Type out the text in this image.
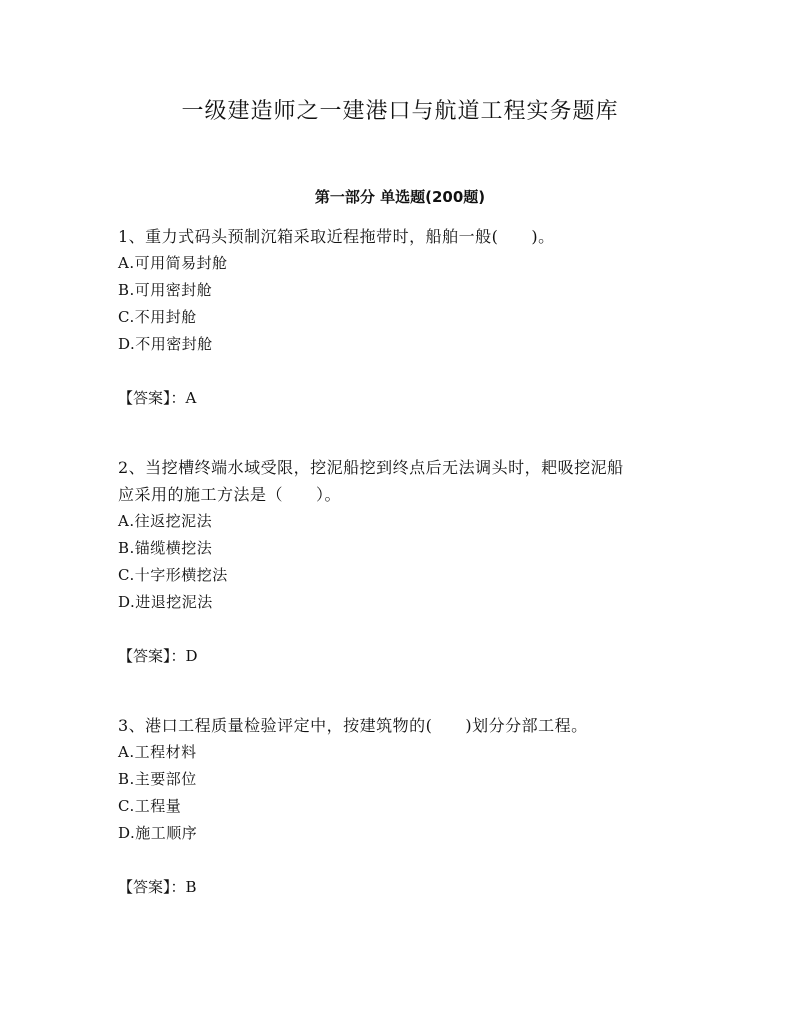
一级建造师之一建港口与航道工程实务题库
第一部分 单选题(200题)
1、重力式码头预制沉箱采取近程拖带时，船舶一般(　　)。
A.可用简易封舱
B.可用密封舱
C.不用封舱
D.不用密封舱
【答案】：A
2、当挖槽终端水域受限，挖泥船挖到终点后无法调头时，耙吸挖泥船
应采用的施工方法是（　　）。
A.往返挖泥法
B.锚缆横挖法
C.十字形横挖法
D.进退挖泥法
【答案】：D
3、港口工程质量检验评定中，按建筑物的(　　)划分分部工程。
A.工程材料
B.主要部位
C.工程量
D.施工顺序
【答案】：B
